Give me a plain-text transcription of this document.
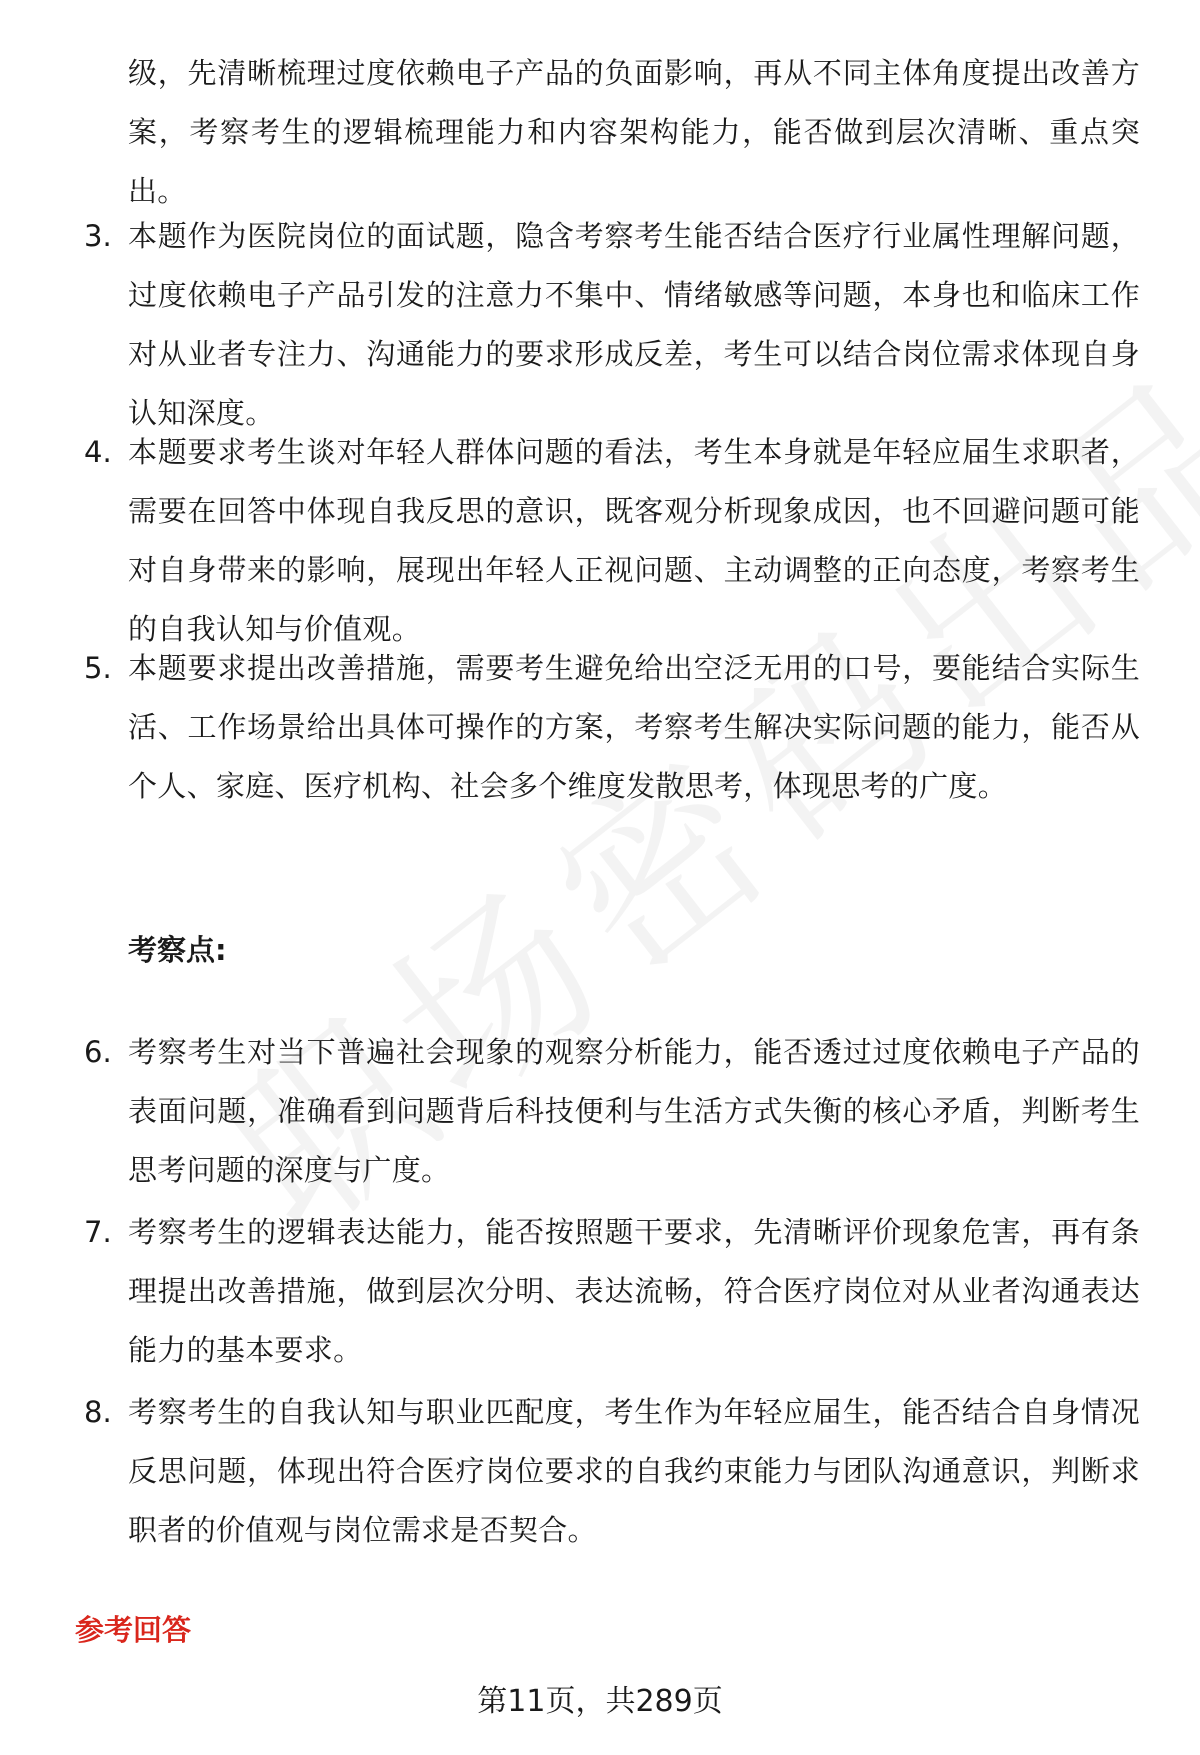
级，先清晰梳理过度依赖电子产品的负面影响，再从不同主体角度提出改善方案，考察考生的逻辑梳理能力和内容架构能力，能否做到层次清晰、重点突出。
3. 本题作为医院岗位的面试题，隐含考察考生能否结合医疗行业属性理解问题，过度依赖电子产品引发的注意力不集中、情绪敏感等问题，本身也和临床工作对从业者专注力、沟通能力的要求形成反差，考生可以结合岗位需求体现自身认知深度。
4. 本题要求考生谈对年轻人群体问题的看法，考生本身就是年轻应届生求职者，需要在回答中体现自我反思的意识，既客观分析现象成因，也不回避问题可能对自身带来的影响，展现出年轻人正视问题、主动调整的正向态度，考察考生的自我认知与价值观。
5. 本题要求提出改善措施，需要考生避免给出空泛无用的口号，要能结合实际生活、工作场景给出具体可操作的方案，考察考生解决实际问题的能力，能否从个人、家庭、医疗机构、社会多个维度发散思考，体现思考的广度。
考察点:
6. 考察考生对当下普遍社会现象的观察分析能力，能否透过过度依赖电子产品的表面问题，准确看到问题背后科技便利与生活方式失衡的核心矛盾，判断考生思考问题的深度与广度。
7. 考察考生的逻辑表达能力，能否按照题干要求，先清晰评价现象危害，再有条理提出改善措施，做到层次分明、表达流畅，符合医疗岗位对从业者沟通表达能力的基本要求。
8. 考察考生的自我认知与职业匹配度，考生作为年轻应届生，能否结合自身情况反思问题，体现出符合医疗岗位要求的自我约束能力与团队沟通意识，判断求职者的价值观与岗位需求是否契合。
参考回答
第11页，共289页
